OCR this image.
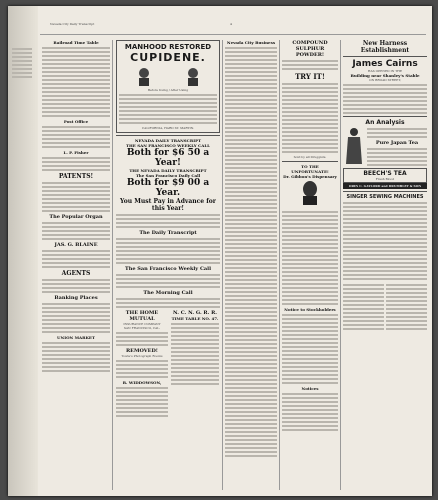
Nevada City Daily Transcript	4
Railroad Time Table
Post Office
L. P. Fisher
PATENTS!
The Popular Organ
JAS. G. BLAINE
AGENTS
Banking Places
UNION MARKET
MANHOOD RESTORED
CUPIDENE.
Before Using / After Using
CALIFORNIA, HARD ST. MARTIN.
NEVADA DAILY TRANSCRIPT
THE SAN FRANCISCO WEEKLY CALL
Both for $6 50 a Year!
THE NEVADA DAILY TRANSCRIPT
The San Francisco Daily Call
Both for $9 00 a Year.
You Must Pay in Advance for this Year!
The Daily Transcript
The San Francisco Weekly Call
The Morning Call
THE HOME MUTUAL
INSURANCE COMPANY
SAN FRANCISCO, CAL.
REMOVED!
Towle's Photograph Rooms
R. WIDDOWSON,
N. C. N. G. R. R.
TIME TABLE NO. 47.
Nevada City Business	COMPOUND SULPHUR POWDER!
TRY IT!
Sold by all Druggists.
TO THE UNFORTUNATE!
Dr. Gibbon's Dispensary
Notice to Stockholders
Notices
New Harness Establishment
James Cairns
HAS OPENED IN THE
Building near Shanley's Stable
ON BROAD STREET,
An Analysis
Pure Japan Tea
BEECH'S TEA
Fresh Blood
ORIN C. GAYLORD and DRUMBLEY & SON
SINGER SEWING MACHINES
